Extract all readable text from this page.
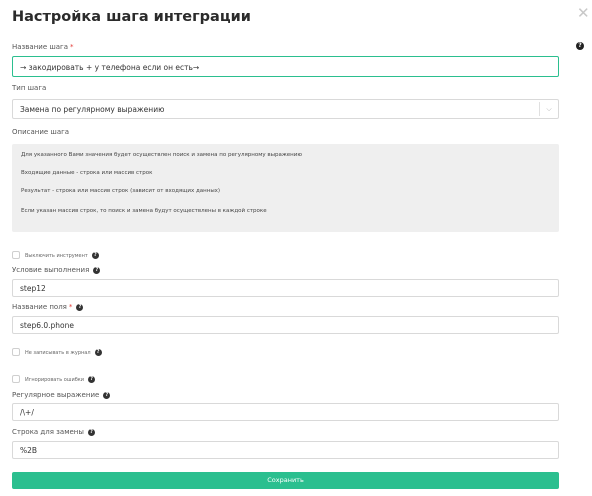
Настройка шага интеграции	✕
?
Название шага *
→ закодировать + у телефона если он есть→
Тип шага
Замена по регулярному выражению	⌵
Описание шага
Для указанного Вами значения будет осуществлен поиск и замена по регулярному выражению
Входящие данные - строка или массив строк
Результат - строка или массив строк (зависит от входящих данных)
Если указан массив строк, то поиск и замена будут осуществлены в каждой строке
Выключить инструмент ?
Условие выполнения ?
step12
Название поля * ?
step6.0.phone
Не записывать в журнал ?
Игнорировать ошибки ?
Регулярное выражение ?
/\+/
Строка для замены ?
%2B
Сохранить
